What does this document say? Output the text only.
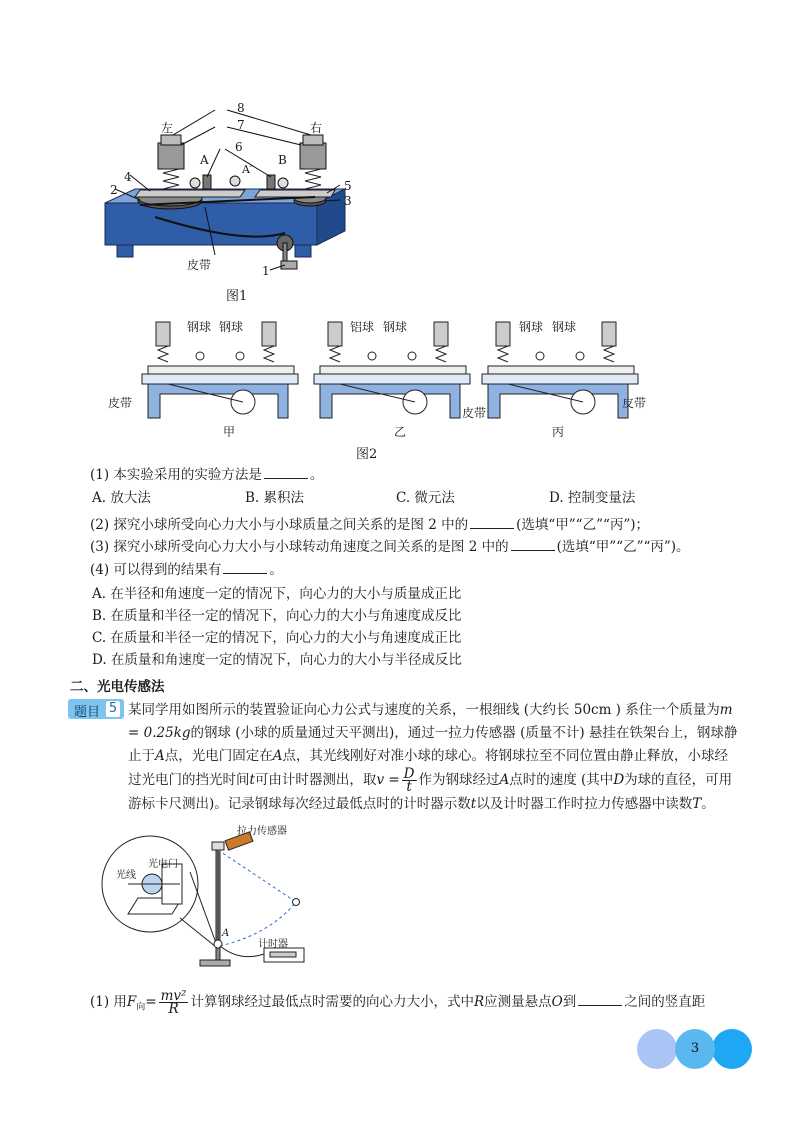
左	右
8
7
6
A
A′
B
4
2	5
3
皮带	1
图1
钢球 钢球	铝球 钢球	钢球 钢球
皮带
皮带
皮带
甲	乙	丙
图2
(1) 本实验采用的实验方法是	。
A. 放大法	B. 累积法	C. 微元法	D. 控制变量法
(2) 探究小球所受向心力大小与小球质量之间关系的是图 2 中的	(选填“甲”“乙”“丙”)；
(3) 探究小球所受向心力大小与小球转动角速度之间关系的是图 2 中的	(选填“甲”“乙”“丙”)。
(4) 可以得到的结果有	。
A. 在半径和角速度一定的情况下，向心力的大小与质量成正比
B. 在质量和半径一定的情况下，向心力的大小与角速度成反比
C. 在质量和半径一定的情况下，向心力的大小与角速度成正比
D. 在质量和角速度一定的情况下，向心力的大小与半径成反比
二、光电传感法
题目 5 某同学用如图所示的装置验证向心力公式与速度的关系，一根细线 (大约长 50cm ) 系住一个质量为m = 0.25kg的钢球 (小球的质量通过天平测出)，通过一拉力传感器 (质量不计) 悬挂在铁架台上，钢球静止于A点，光电门固定在A点，其光线刚好对准小球的球心。将钢球拉至不同位置由静止释放，小球经过光电门的挡光时间t可由计时器测出，取$v = \frac{D}{t}$ 作为钢球经过A点时的速度 (其中D为球的直径，可用游标卡尺测出)。记录钢球每次经过最低点时的计时器示数t以及计时器工作时拉力传感器中读数T。
拉力传感器
光电门
光线
A
计时器
(1) 用$F_向= \frac{\text{mv²}}{R}$ 计算钢球经过最低点时需要的向心力大小，式中R应测量悬点O到	之间的竖直距
3
